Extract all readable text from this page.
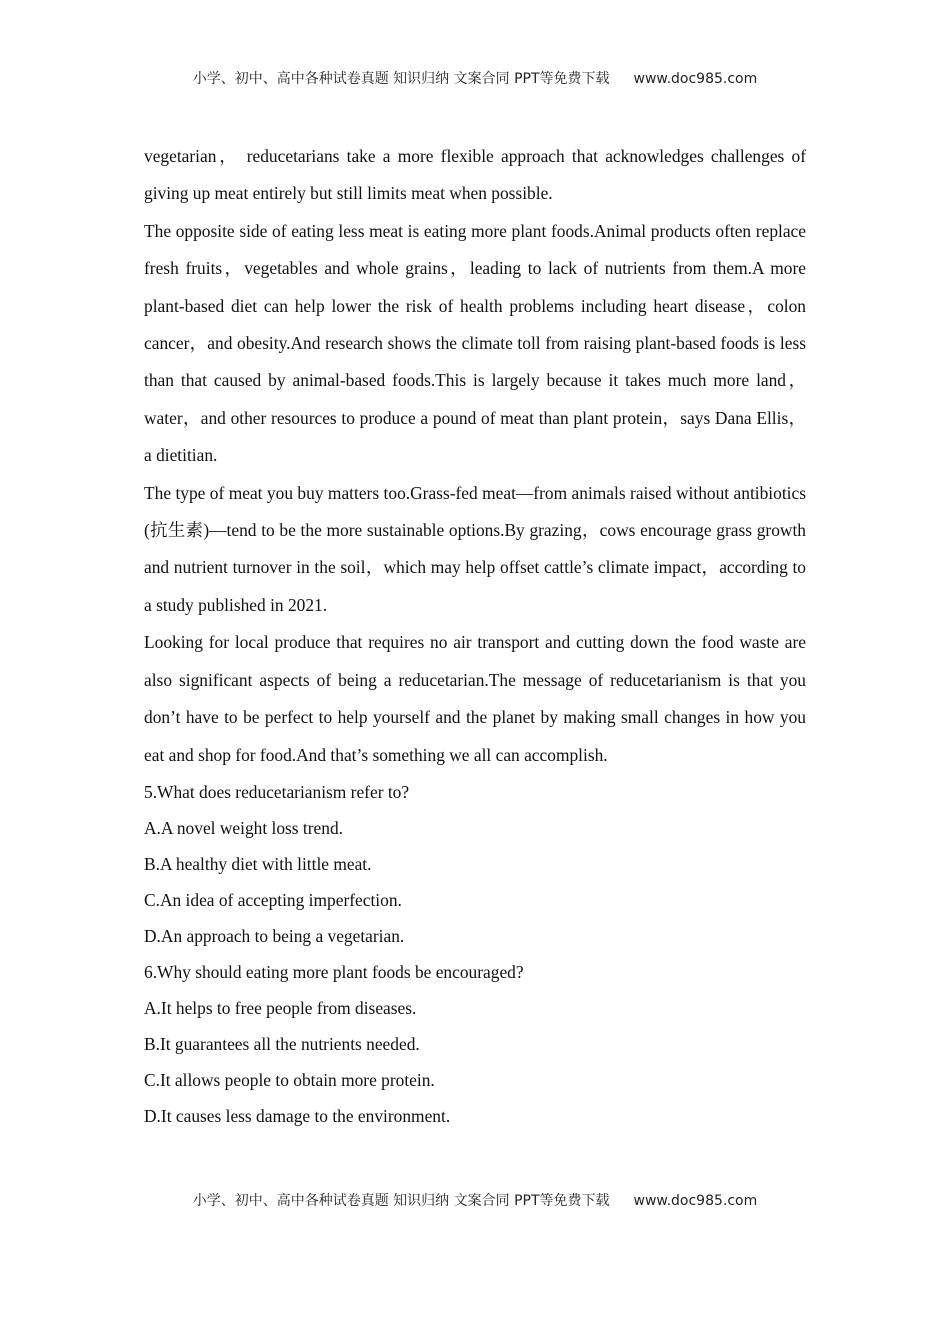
小学、初中、高中各种试卷真题 知识归纳 文案合同 PPT等免费下载 www.doc985.com

vegetarian， reducetarians take a more flexible approach that acknowledges challenges of giving up meat entirely but still limits meat when possible.

The opposite side of eating less meat is eating more plant foods.Animal products often replace fresh fruits，vegetables and whole grains，leading to lack of nutrients from them.A more plant-based diet can help lower the risk of health problems including heart disease，colon cancer，and obesity.And research shows the climate toll from raising plant-based foods is less than that caused by animal-based foods.This is largely because it takes much more land，water，and other resources to produce a pound of meat than plant protein，says Dana Ellis，a dietitian.

The type of meat you buy matters too.Grass-fed meat—from animals raised without antibiotics (抗生素)—tend to be the more sustainable options.By grazing，cows encourage grass growth and nutrient turnover in the soil，which may help offset cattle’s climate impact，according to a study published in 2021.

Looking for local produce that requires no air transport and cutting down the food waste are also significant aspects of being a reducetarian.The message of reducetarianism is that you don’t have to be perfect to help yourself and the planet by making small changes in how you eat and shop for food.And that’s something we all can accomplish.

5.What does reducetarianism refer to?

A.A novel weight loss trend.

B.A healthy diet with little meat.

C.An idea of accepting imperfection.

D.An approach to being a vegetarian.

6.Why should eating more plant foods be encouraged?

A.It helps to free people from diseases.

B.It guarantees all the nutrients needed.

C.It allows people to obtain more protein.

D.It causes less damage to the environment.

小学、初中、高中各种试卷真题 知识归纳 文案合同 PPT等免费下载 www.doc985.com
